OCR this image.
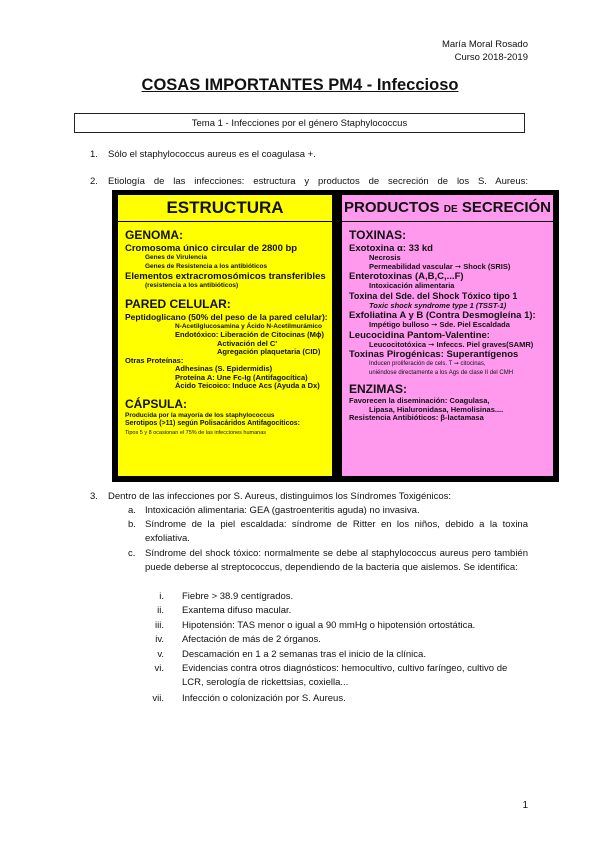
María Moral Rosado
Curso 2018-2019
COSAS IMPORTANTES PM4 - Infeccioso
Tema 1 - Infecciones por el género Staphylococcus
1. Sólo el staphylococcus aureus es el coagulasa +.
2. Etiología de las infecciones: estructura y productos de secreción de los S. Aureus:
ESTRUCTURA
GENOMA:
Cromosoma único circular de 2800 bp
Genes de Virulencia
Genes de Resistencia a los antibióticos
Elementos extracromosómicos transferibles
(resistencia a los antibióticos)
PARED CELULAR:
Peptidoglicano (50% del peso de la pared celular):
N-Acetilglucosamina y Ácido N-Acetilmurámico
Endotóxico: Liberación de Citocinas (Mϕ)
Activación del C'
Agregación plaquetaria (CID)
Otras Proteínas:
Adhesinas (S. Epidermidis)
Proteína A: Une Fc-Ig (Antifagocítica)
Ácido Teicoico: Induce Acs (Ayuda a Dx)
CÁPSULA:
Producida por la mayoría de los staphylococcus
Serotipos (>11) según Polisacáridos Antifagocíticos:
Tipos 5 y 8 ocasionan el 75% de las infecciones humanas
PRODUCTOS DE SECRECIÓN
TOXINAS:
Exotoxina α: 33 kd
Necrosis
Permeabilidad vascular ➞ Shock (SRIS)
Enterotoxinas (A,B,C,...F)
Intoxicación alimentaria
Toxina del Sde. del Shock Tóxico tipo 1
Toxic shock syndrome type 1 (TSST-1)
Exfoliatina A y B (Contra Desmogleína 1):
Impétigo bulloso ➞ Sde. Piel Escaldada
Leucocidina Pantom-Valentine:
Leucocitotóxica ➞ Infeccs. Piel graves(SAMR)
Toxinas Pirogénicas: Superantígenos
Inducen proliferación de cels. T ➞ citocinas,
uniéndose directamente a los Ags de clase II del CMH
ENZIMAS:
Favorecen la diseminación: Coagulasa,
Lipasa, Hialuronidasa, Hemolisinas....
Resistencia Antibióticos: β-lactamasa
3. Dentro de las infecciones por S. Aureus, distinguimos los Síndromes Toxigénicos:
a. Intoxicación alimentaria: GEA (gastroenteritis aguda) no invasiva.
b. Síndrome de la piel escaldada: síndrome de Ritter en los niños, debido a la toxina exfoliativa.
c. Síndrome del shock tóxico: normalmente se debe al staphylococcus aureus pero también puede deberse al streptococcus, dependiendo de la bacteria que aislemos. Se identifica:
i. Fiebre > 38.9 centígrados.
ii. Exantema difuso macular.
iii. Hipotensión: TAS menor o igual a 90 mmHg o hipotensión ortostática.
iv. Afectación de más de 2 órganos.
v. Descamación en 1 a 2 semanas tras el inicio de la clínica.
vi. Evidencias contra otros diagnósticos: hemocultivo, cultivo faríngeo, cultivo de LCR, serología de rickettsias, coxiella...
vii. Infección o colonización por S. Aureus.
1
